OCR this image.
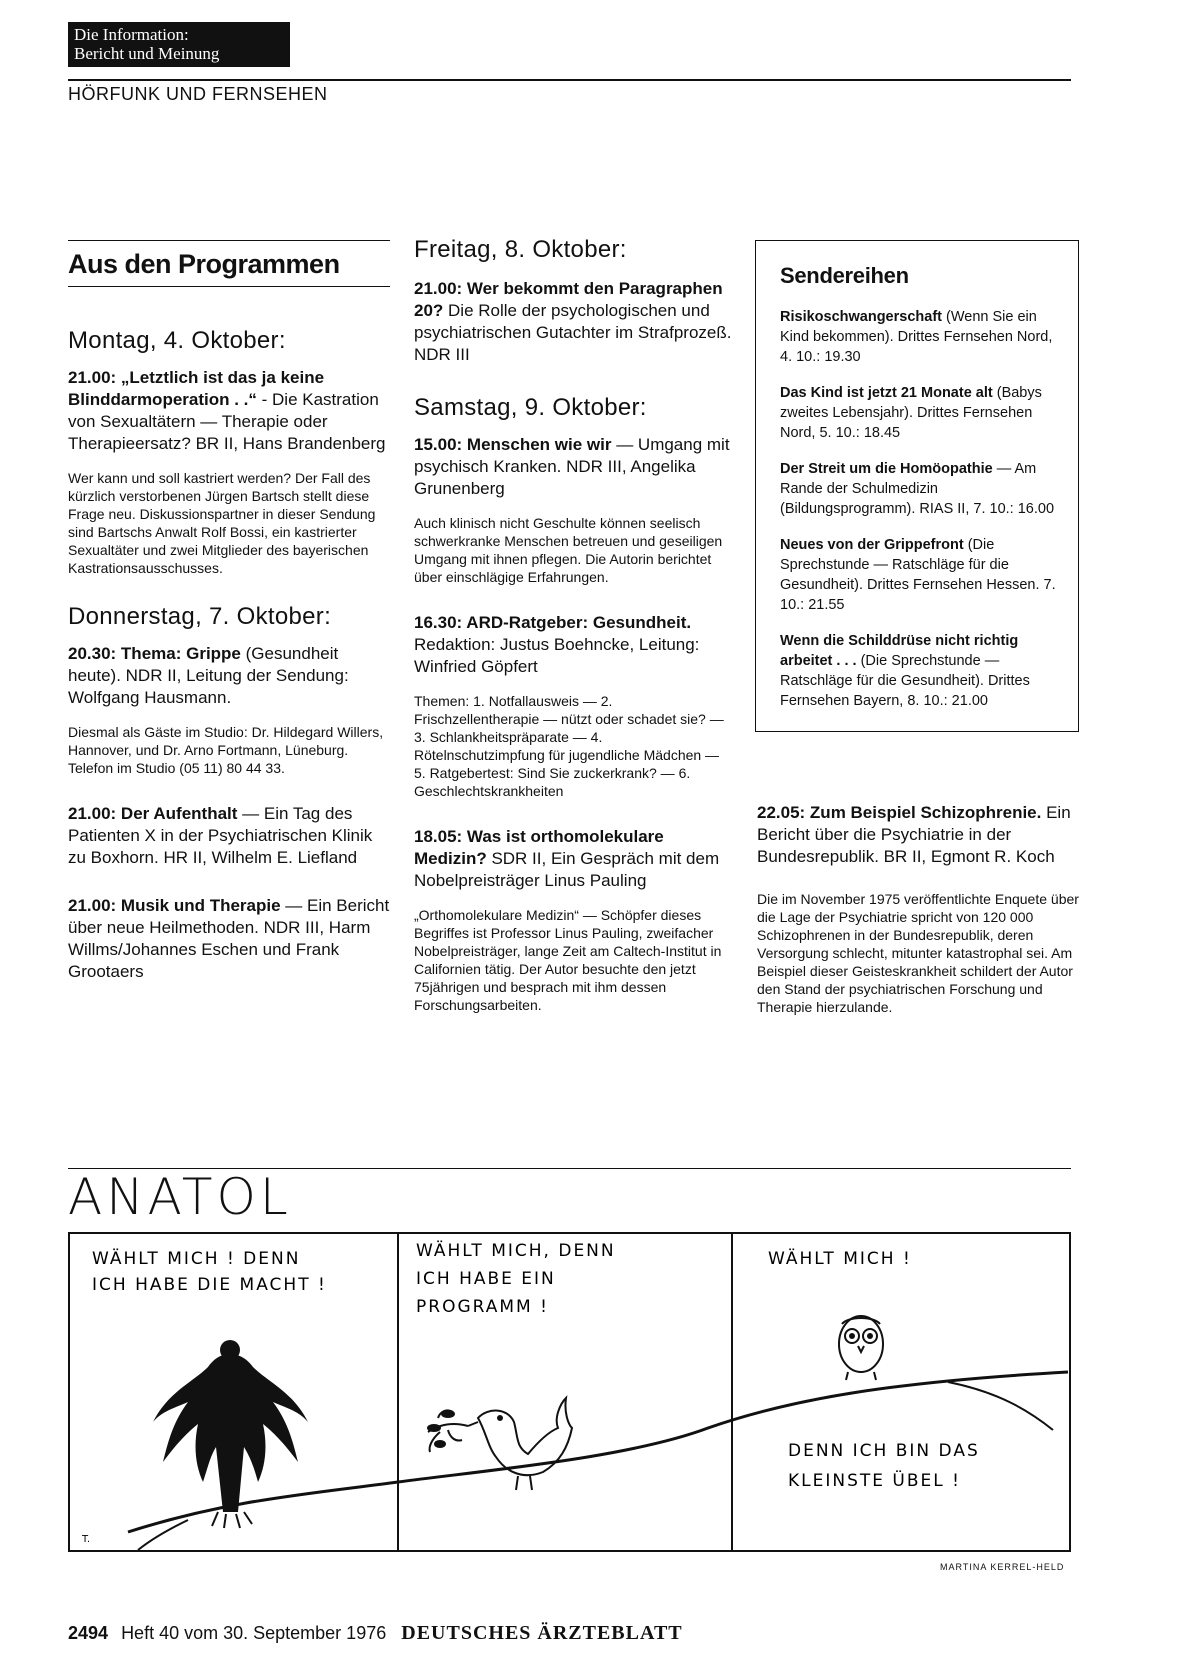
Die Information:
Bericht und Meinung
HÖRFUNK UND FERNSEHEN
Aus den Programmen
Montag, 4. Oktober:
21.00: „Letztlich ist das ja keine Blinddarmoperation . .“ - Die Kastration von Sexualtätern — Therapie oder Therapieersatz? BR II, Hans Brandenberg
Wer kann und soll kastriert werden? Der Fall des kürzlich verstorbenen Jürgen Bartsch stellt diese Frage neu. Diskussionspartner in dieser Sendung sind Bartschs Anwalt Rolf Bossi, ein kastrierter Sexualtäter und zwei Mitglieder des bayerischen Kastrationsausschusses.
Donnerstag, 7. Oktober:
20.30: Thema: Grippe (Gesundheit heute). NDR II, Leitung der Sendung: Wolfgang Hausmann.
Diesmal als Gäste im Studio: Dr. Hildegard Willers, Hannover, und Dr. Arno Fortmann, Lüneburg. Telefon im Studio (05 11) 80 44 33.
21.00: Der Aufenthalt — Ein Tag des Patienten X in der Psychiatrischen Klinik zu Boxhorn. HR II, Wilhelm E. Liefland
21.00: Musik und Therapie — Ein Bericht über neue Heilmethoden. NDR III, Harm Willms/Johannes Eschen und Frank Grootaers
Freitag, 8. Oktober:
21.00: Wer bekommt den Paragraphen 20? Die Rolle der psychologischen und psychiatrischen Gutachter im Strafprozeß. NDR III
Samstag, 9. Oktober:
15.00: Menschen wie wir — Umgang mit psychisch Kranken. NDR III, Angelika Grunenberg
Auch klinisch nicht Geschulte können seelisch schwerkranke Menschen betreuen und geseiligen Umgang mit ihnen pflegen. Die Autorin berichtet über einschlägige Erfahrungen.
16.30: ARD-Ratgeber: Gesundheit. Redaktion: Justus Boehncke, Leitung: Winfried Göpfert
Themen: 1. Notfallausweis — 2. Frischzellentherapie — nützt oder schadet sie? — 3. Schlankheitspräparate — 4. Rötelnschutzimpfung für jugendliche Mädchen — 5. Ratgebertest: Sind Sie zuckerkrank? — 6. Geschlechtskrankheiten
18.05: Was ist orthomolekulare Medizin? SDR II, Ein Gespräch mit dem Nobelpreisträger Linus Pauling
„Orthomolekulare Medizin“ — Schöpfer dieses Begriffes ist Professor Linus Pauling, zweifacher Nobelpreisträger, lange Zeit am Caltech-Institut in Californien tätig. Der Autor besuchte den jetzt 75jährigen und besprach mit ihm dessen Forschungsarbeiten.
Sendereihen
Risikoschwangerschaft (Wenn Sie ein Kind bekommen). Drittes Fernsehen Nord, 4. 10.: 19.30
Das Kind ist jetzt 21 Monate alt (Babys zweites Lebensjahr). Drittes Fernsehen Nord, 5. 10.: 18.45
Der Streit um die Homöopathie — Am Rande der Schulmedizin (Bildungsprogramm). RIAS II, 7. 10.: 16.00
Neues von der Grippefront (Die Sprechstunde — Ratschläge für die Gesundheit). Drittes Fernsehen Hessen. 7. 10.: 21.55
Wenn die Schilddrüse nicht richtig arbeitet . . . (Die Sprechstunde — Ratschläge für die Gesundheit). Drittes Fernsehen Bayern, 8. 10.: 21.00
22.05: Zum Beispiel Schizophrenie. Ein Bericht über die Psychiatrie in der Bundesrepublik. BR II, Egmont R. Koch
Die im November 1975 veröffentlichte Enquete über die Lage der Psychiatrie spricht von 120 000 Schizophrenen in der Bundesrepublik, deren Versorgung schlecht, mitunter katastrophal sei. Am Beispiel dieser Geisteskrankheit schildert der Autor den Stand der psychiatrischen Forschung und Therapie hierzulande.
ANATOL
WÄHLT MICH ! DENN
ICH HABE DIE MACHT !
WÄHLT MICH, DENN
ICH HABE EIN
PROGRAMM !
WÄHLT MICH !
DENN ICH BIN DAS
KLEINSTE ÜBEL !
T.
MARTINA KERREL-HELD
2494 Heft 40 vom 30. September 1976 DEUTSCHES ÄRZTEBLATT
